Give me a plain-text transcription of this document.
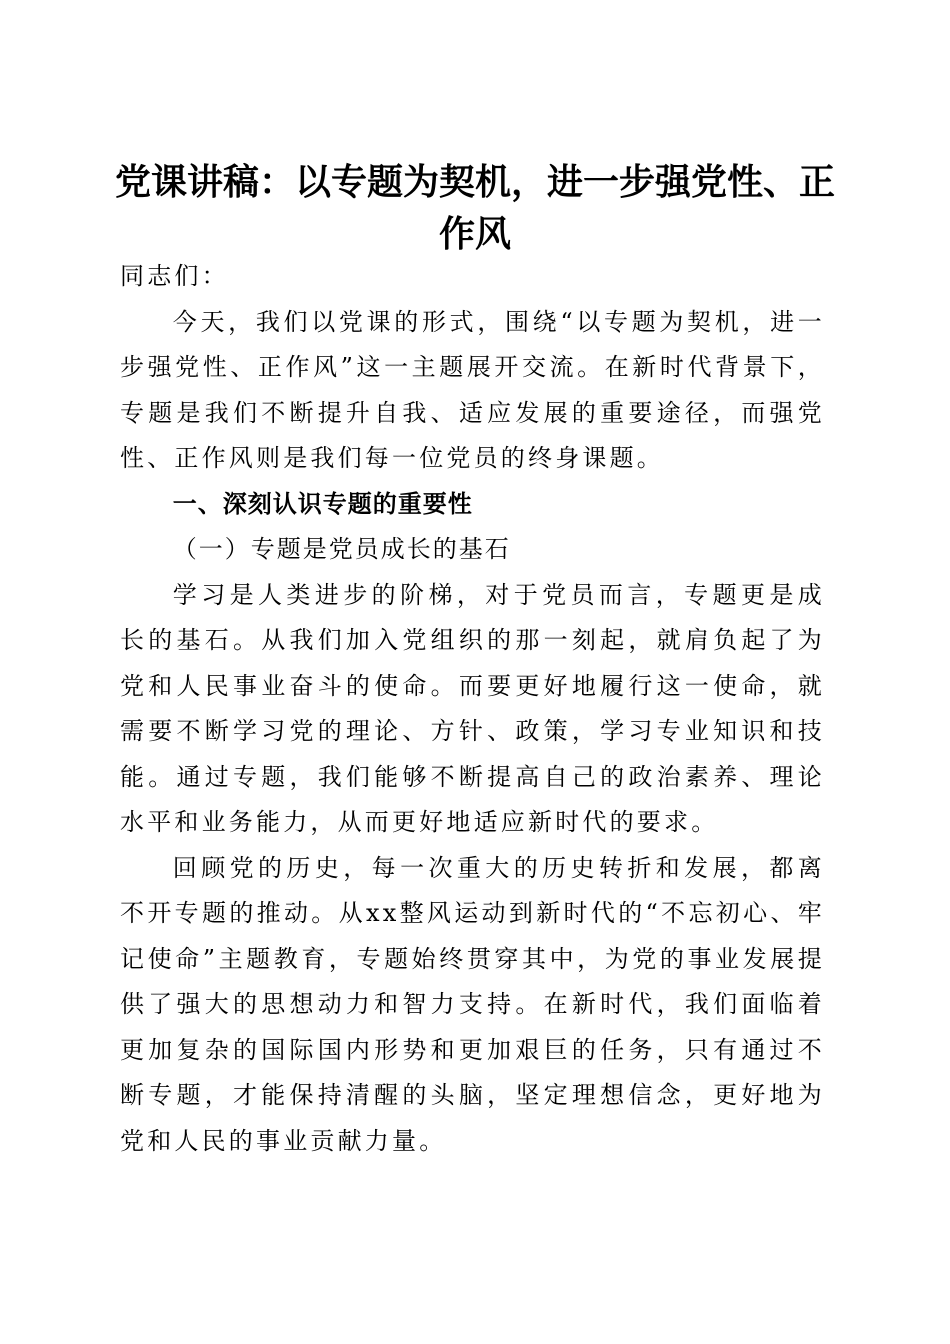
党课讲稿：以专题为契机，进一步强党性、正作风

同志们：

今天，我们以党课的形式，围绕“以专题为契机，进一步强党性、正作风”这一主题展开交流。在新时代背景下，专题是我们不断提升自我、适应发展的重要途径，而强党性、正作风则是我们每一位党员的终身课题。

一、深刻认识专题的重要性

（一）专题是党员成长的基石

学习是人类进步的阶梯，对于党员而言，专题更是成长的基石。从我们加入党组织的那一刻起，就肩负起了为党和人民事业奋斗的使命。而要更好地履行这一使命，就需要不断学习党的理论、方针、政策，学习专业知识和技能。通过专题，我们能够不断提高自己的政治素养、理论水平和业务能力，从而更好地适应新时代的要求。

回顾党的历史，每一次重大的历史转折和发展，都离不开专题的推动。从xx整风运动到新时代的“不忘初心、牢记使命”主题教育，专题始终贯穿其中，为党的事业发展提供了强大的思想动力和智力支持。在新时代，我们面临着更加复杂的国际国内形势和更加艰巨的任务，只有通过不断专题，才能保持清醒的头脑，坚定理想信念，更好地为党和人民的事业贡献力量。
